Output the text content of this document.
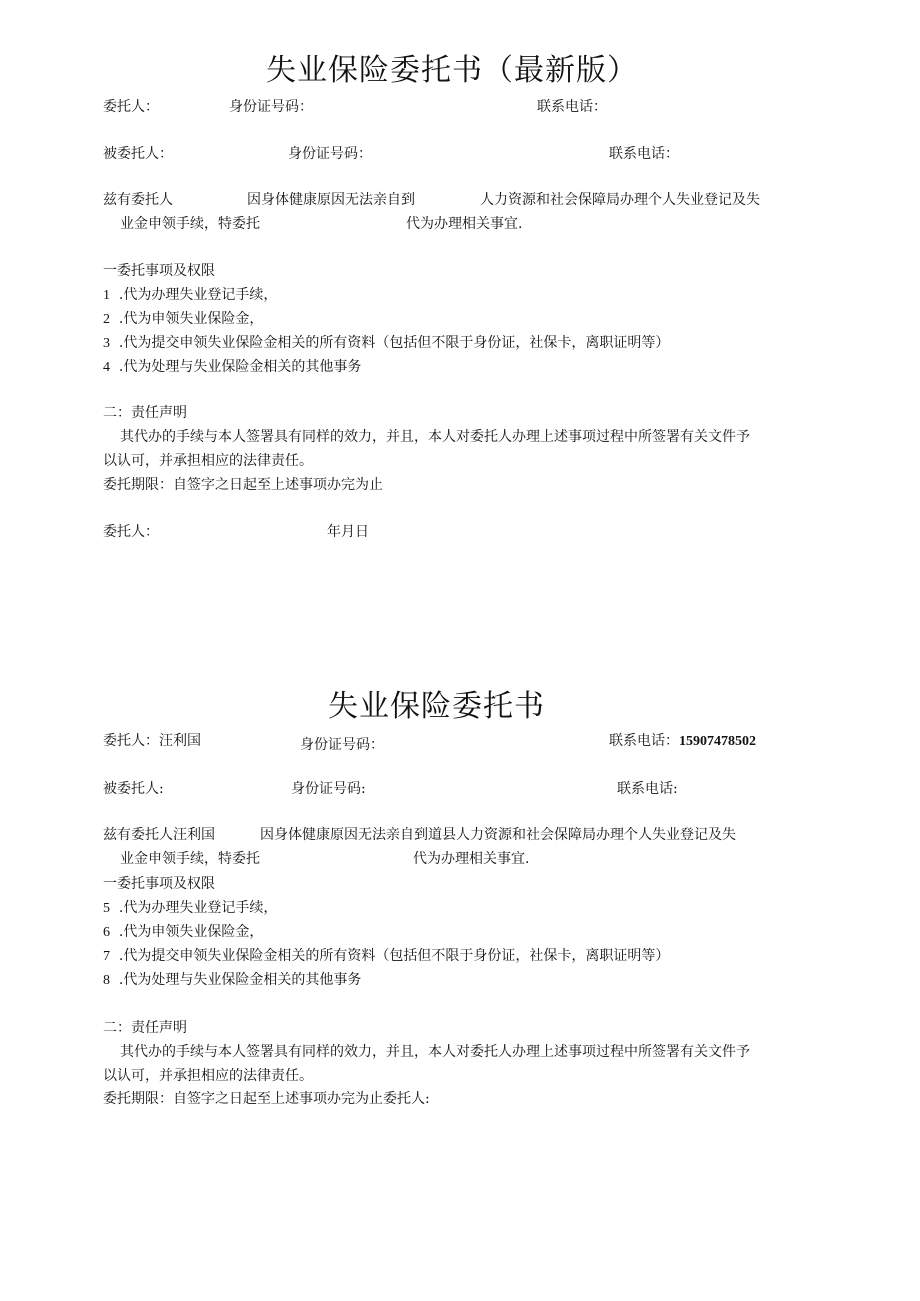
失业保险委托书（最新版）
委托人：	身份证号码：	联系电话：
被委托人：	身份证号码：	联系电话：
兹有委托人	因身体健康原因无法亲自到	人力资源和社会保障局办理个人失业登记及失
业金申领手续，特委托	代为办理相关事宜.
一委托事项及权限
1 .代为办理失业登记手续，
2 .代为申领失业保险金，
3 .代为提交申领失业保险金相关的所有资料（包括但不限于身份证，社保卡，离职证明等）
4 .代为处理与失业保险金相关的其他事务
二：责任声明
其代办的手续与本人签署具有同样的效力，并且，本人对委托人办理上述事项过程中所签署有关文件予
以认可，并承担相应的法律责任。
委托期限：自签字之日起至上述事项办完为止
委托人：	年月日
失业保险委托书
委托人：汪利国	身份证号码：	联系电话：15907478502
被委托人:	身份证号码:	联系电话:
兹有委托人汪利国	因身体健康原因无法亲自到道县人力资源和社会保障局办理个人失业登记及失
业金申领手续，特委托	代为办理相关事宜.
一委托事项及权限
5 .代为办理失业登记手续，
6 .代为申领失业保险金，
7 .代为提交申领失业保险金相关的所有资料（包括但不限于身份证，社保卡，离职证明等）
8 .代为处理与失业保险金相关的其他事务
二：责任声明
其代办的手续与本人签署具有同样的效力，并且，本人对委托人办理上述事项过程中所签署有关文件予
以认可，并承担相应的法律责任。
委托期限：自签字之日起至上述事项办完为止委托人:
